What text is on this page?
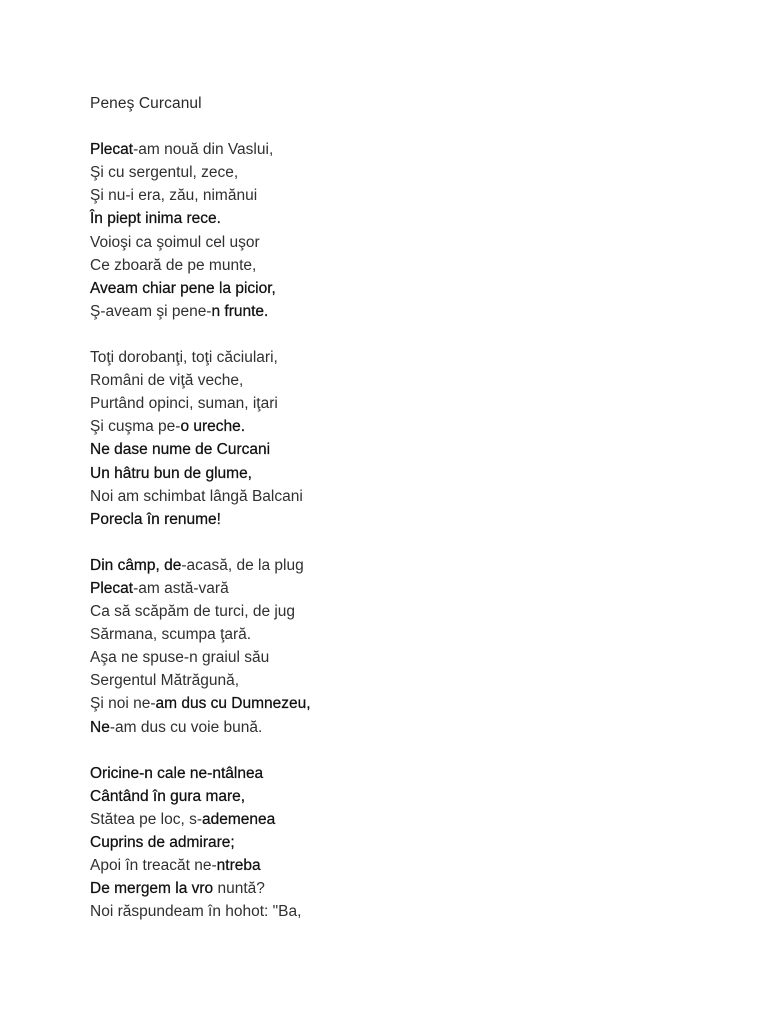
Peneş Curcanul
Plecat-am nouă din Vaslui,
Şi cu sergentul, zece,
Şi nu-i era, zău, nimănui
În piept inima rece.
Voioşi ca şoimul cel uşor
Ce zboară de pe munte,
Aveam chiar pene la picior,
Ş-aveam şi pene-n frunte.
Toţi dorobanţi, toţi căciulari,
Români de viţă veche,
Purtând opinci, suman, iţari
Şi cuşma pe-o ureche.
Ne dase nume de Curcani
Un hâtru bun de glume,
Noi am schimbat lângă Balcani
Porecla în renume!
Din câmp, de-acasă, de la plug
Plecat-am astă-vară
Ca să scăpăm de turci, de jug
Sărmana, scumpa ţară.
Aşa ne spuse-n graiul său
Sergentul Mătrăgună,
Şi noi ne-am dus cu Dumnezeu,
Ne-am dus cu voie bună.
Oricine-n cale ne-ntâlnea
Cântând în gura mare,
Stătea pe loc, s-ademenea
Cuprins de admirare;
Apoi în treacăt ne-ntreba
De mergem la vro nuntă?
Noi răspundeam în hohot: "Ba,
